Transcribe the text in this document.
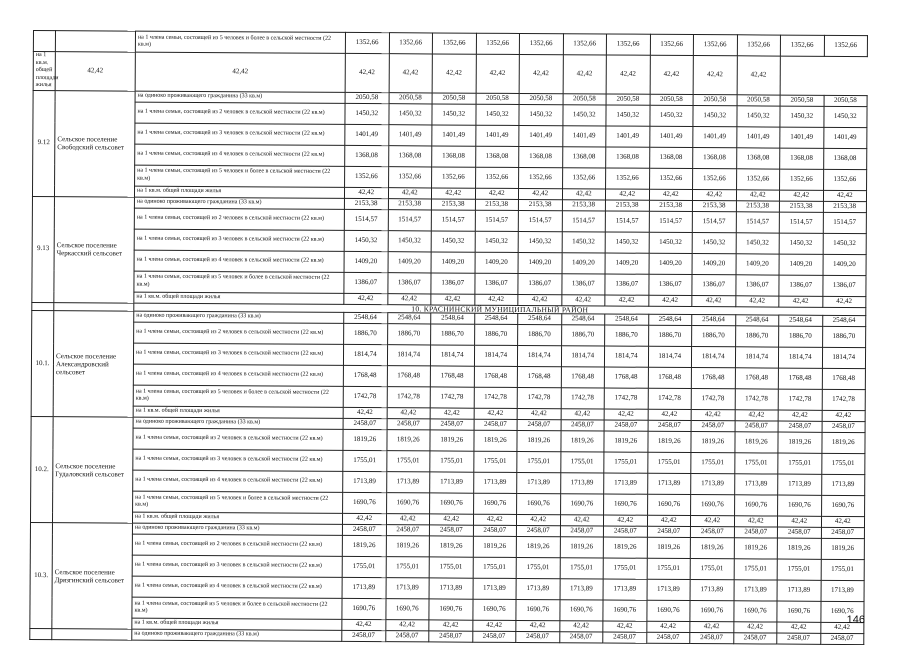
		на 1 члена семьи, состоящей из 5 человек и более в сельской местности (22 кв.м)	1352,66	1352,66	1352,66	1352,66	1352,66	1352,66	1352,66	1352,66	1352,66	1352,66	1352,66	1352,66
на 1 кв.м. общей площади жилья	42,42	42,42	42,42	42,42	42,42	42,42	42,42	42,42	42,42	42,42	42,42	42,42		
9.12	Сельское поселение Свободский сельсовет	на одиноко проживающего гражданина (33 кв.м)	2050,58	2050,58	2050,58	2050,58	2050,58	2050,58	2050,58	2050,58	2050,58	2050,58	2050,58	2050,58
		на 1 члена семьи, состоящей из 2 человек в сельской местности (22 кв.м)	1450,32	1450,32	1450,32	1450,32	1450,32	1450,32	1450,32	1450,32	1450,32	1450,32	1450,32	1450,32
		на 1 члена семьи, состоящей из 3 человек в сельской местности (22 кв.м)	1401,49	1401,49	1401,49	1401,49	1401,49	1401,49	1401,49	1401,49	1401,49	1401,49	1401,49	1401,49
		на 1 члена семьи, состоящей из 4 человек в сельской местности (22 кв.м)	1368,08	1368,08	1368,08	1368,08	1368,08	1368,08	1368,08	1368,08	1368,08	1368,08	1368,08	1368,08
		на 1 члена семьи, состоящей из 5 человек и более в сельской местности (22 кв.м)	1352,66	1352,66	1352,66	1352,66	1352,66	1352,66	1352,66	1352,66	1352,66	1352,66	1352,66	1352,66
		на 1 кв.м. общей площади жилья	42,42	42,42	42,42	42,42	42,42	42,42	42,42	42,42	42,42	42,42	42,42	42,42
9.13	Сельское поселение Черкасский сельсовет	на одиноко проживающего гражданина (33 кв.м)	2153,38	2153,38	2153,38	2153,38	2153,38	2153,38	2153,38	2153,38	2153,38	2153,38	2153,38	2153,38
		на 1 члена семьи, состоящей из 2 человек в сельской местности (22 кв.м)	1514,57	1514,57	1514,57	1514,57	1514,57	1514,57	1514,57	1514,57	1514,57	1514,57	1514,57	1514,57
		на 1 члена семьи, состоящей из 3 человек в сельской местности (22 кв.м)	1450,32	1450,32	1450,32	1450,32	1450,32	1450,32	1450,32	1450,32	1450,32	1450,32	1450,32	1450,32
		на 1 члена семьи, состоящей из 4 человек в сельской местности (22 кв.м)	1409,20	1409,20	1409,20	1409,20	1409,20	1409,20	1409,20	1409,20	1409,20	1409,20	1409,20	1409,20
		на 1 члена семьи, состоящей из 5 человек и более в сельской местности (22 кв.м)	1386,07	1386,07	1386,07	1386,07	1386,07	1386,07	1386,07	1386,07	1386,07	1386,07	1386,07	1386,07
		на 1 кв.м. общей площади жилья	42,42	42,42	42,42	42,42	42,42	42,42	42,42	42,42	42,42	42,42	42,42	42,42
		10. КРАСНИНСКИЙ МУНИЦИПАЛЬНЫЙ РАЙОН												
10.1.	Сельское поселение Александровский сельсовет	на одиноко проживающего гражданина (33 кв.м)	2548,64	2548,64	2548,64	2548,64	2548,64	2548,64	2548,64	2548,64	2548,64	2548,64	2548,64	2548,64
		на 1 члена семьи, состоящей из 2 человек в сельской местности (22 кв.м)	1886,70	1886,70	1886,70	1886,70	1886,70	1886,70	1886,70	1886,70	1886,70	1886,70	1886,70	1886,70
		на 1 члена семьи, состоящей из 3 человек в сельской местности (22 кв.м)	1814,74	1814,74	1814,74	1814,74	1814,74	1814,74	1814,74	1814,74	1814,74	1814,74	1814,74	1814,74
		на 1 члена семьи, состоящей из 4 человек в сельской местности (22 кв.м)	1768,48	1768,48	1768,48	1768,48	1768,48	1768,48	1768,48	1768,48	1768,48	1768,48	1768,48	1768,48
		на 1 члена семьи, состоящей из 5 человек и более в сельской местности (22 кв.м)	1742,78	1742,78	1742,78	1742,78	1742,78	1742,78	1742,78	1742,78	1742,78	1742,78	1742,78	1742,78
		на 1 кв.м. общей площади жилья	42,42	42,42	42,42	42,42	42,42	42,42	42,42	42,42	42,42	42,42	42,42	42,42
10.2.	Сельское поселение Гудаловский сельсовет	на одиноко проживающего гражданина (33 кв.м)	2458,07	2458,07	2458,07	2458,07	2458,07	2458,07	2458,07	2458,07	2458,07	2458,07	2458,07	2458,07
		на 1 члена семьи, состоящей из 2 человек в сельской местности (22 кв.м)	1819,26	1819,26	1819,26	1819,26	1819,26	1819,26	1819,26	1819,26	1819,26	1819,26	1819,26	1819,26
		на 1 члена семьи, состоящей из 3 человек в сельской местности (22 кв.м)	1755,01	1755,01	1755,01	1755,01	1755,01	1755,01	1755,01	1755,01	1755,01	1755,01	1755,01	1755,01
		на 1 члена семьи, состоящей из 4 человек в сельской местности (22 кв.м)	1713,89	1713,89	1713,89	1713,89	1713,89	1713,89	1713,89	1713,89	1713,89	1713,89	1713,89	1713,89
		на 1 члена семьи, состоящей из 5 человек и более в сельской местности (22 кв.м)	1690,76	1690,76	1690,76	1690,76	1690,76	1690,76	1690,76	1690,76	1690,76	1690,76	1690,76	1690,76
		на 1 кв.м. общей площади жилья	42,42	42,42	42,42	42,42	42,42	42,42	42,42	42,42	42,42	42,42	42,42	42,42
10.3.	Сельское поселение Дрязгинский сельсовет	на одиноко проживающего гражданина (33 кв.м)	2458,07	2458,07	2458,07	2458,07	2458,07	2458,07	2458,07	2458,07	2458,07	2458,07	2458,07	2458,07
		на 1 члена семьи, состоящей из 2 человек в сельской местности (22 кв.м)	1819,26	1819,26	1819,26	1819,26	1819,26	1819,26	1819,26	1819,26	1819,26	1819,26	1819,26	1819,26
		на 1 члена семьи, состоящей из 3 человек в сельской местности (22 кв.м)	1755,01	1755,01	1755,01	1755,01	1755,01	1755,01	1755,01	1755,01	1755,01	1755,01	1755,01	1755,01
		на 1 члена семьи, состоящей из 4 человек в сельской местности (22 кв.м)	1713,89	1713,89	1713,89	1713,89	1713,89	1713,89	1713,89	1713,89	1713,89	1713,89	1713,89	1713,89
		на 1 члена семьи, состоящей из 5 человек и более в сельской местности (22 кв.м)	1690,76	1690,76	1690,76	1690,76	1690,76	1690,76	1690,76	1690,76	1690,76	1690,76	1690,76	1690,76
		на 1 кв.м. общей площади жилья	42,42	42,42	42,42	42,42	42,42	42,42	42,42	42,42	42,42	42,42	42,42	42,42
		на одиноко проживающего гражданина (33 кв.м)	2458,07	2458,07	2458,07	2458,07	2458,07	2458,07	2458,07	2458,07	2458,07	2458,07	2458,07	2458,07
146
